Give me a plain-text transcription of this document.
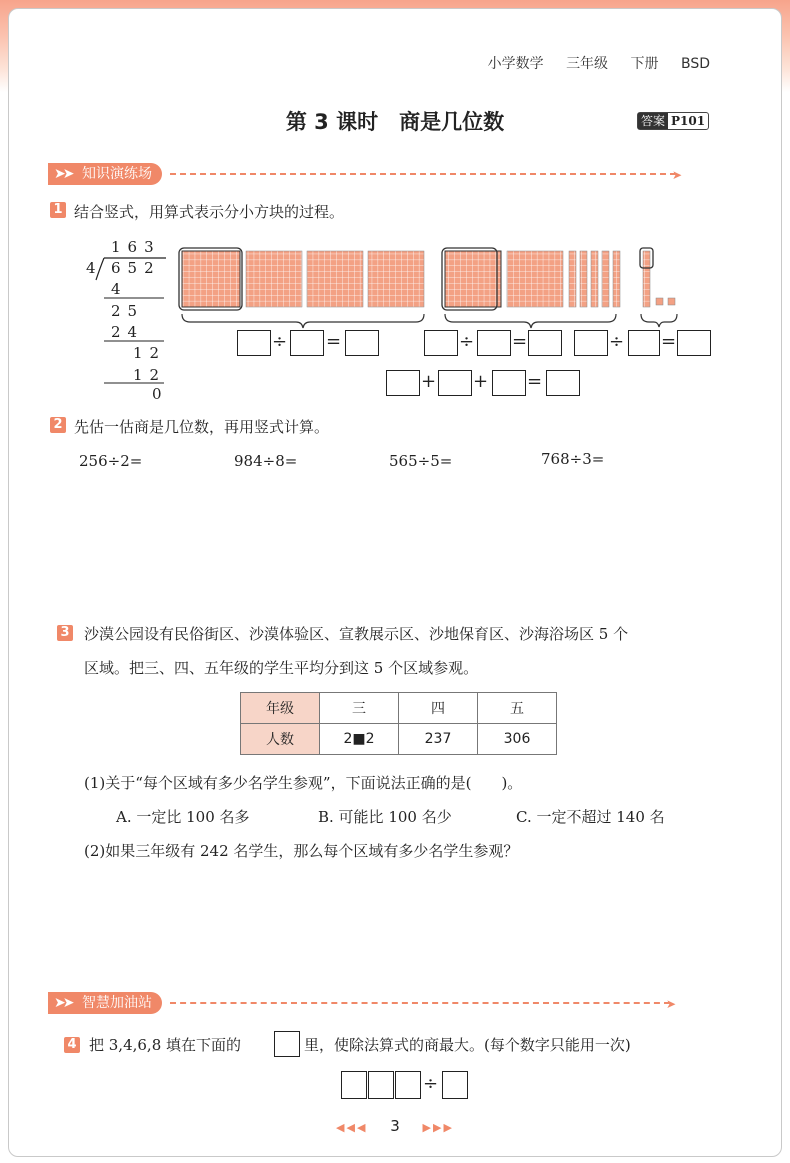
小学数学 三年级 下册 BSD
第 3 课时　商是几位数	答案 P101
➤➤ 知识演练场	➤
1 结合竖式，用算式表示分小方块的过程。
163
4 652
4
25
24
12
12
0
÷ =	÷ =	÷ =
+ + =
2 先估一估商是几位数，再用竖式计算。
256÷2=	984÷8=	565÷5=	768÷3=
3 沙漠公园设有民俗街区、沙漠体验区、宣教展示区、沙地保育区、沙海浴场区 5 个
区域。把三、四、五年级的学生平均分到这 5 个区域参观。
年级	三	四	五
人数	2■2	237	306
(1)关于“每个区域有多少名学生参观”，下面说法正确的是(　　)。
A. 一定比 100 名多	B. 可能比 100 名少	C. 一定不超过 140 名
(2)如果三年级有 242 名学生，那么每个区域有多少名学生参观？
➤➤ 智慧加油站	➤
4 把 3,4,6,8 填在下面的	里，使除法算式的商最大。(每个数字只能用一次)
÷
◀◀◀ 3 ▶▶▶
